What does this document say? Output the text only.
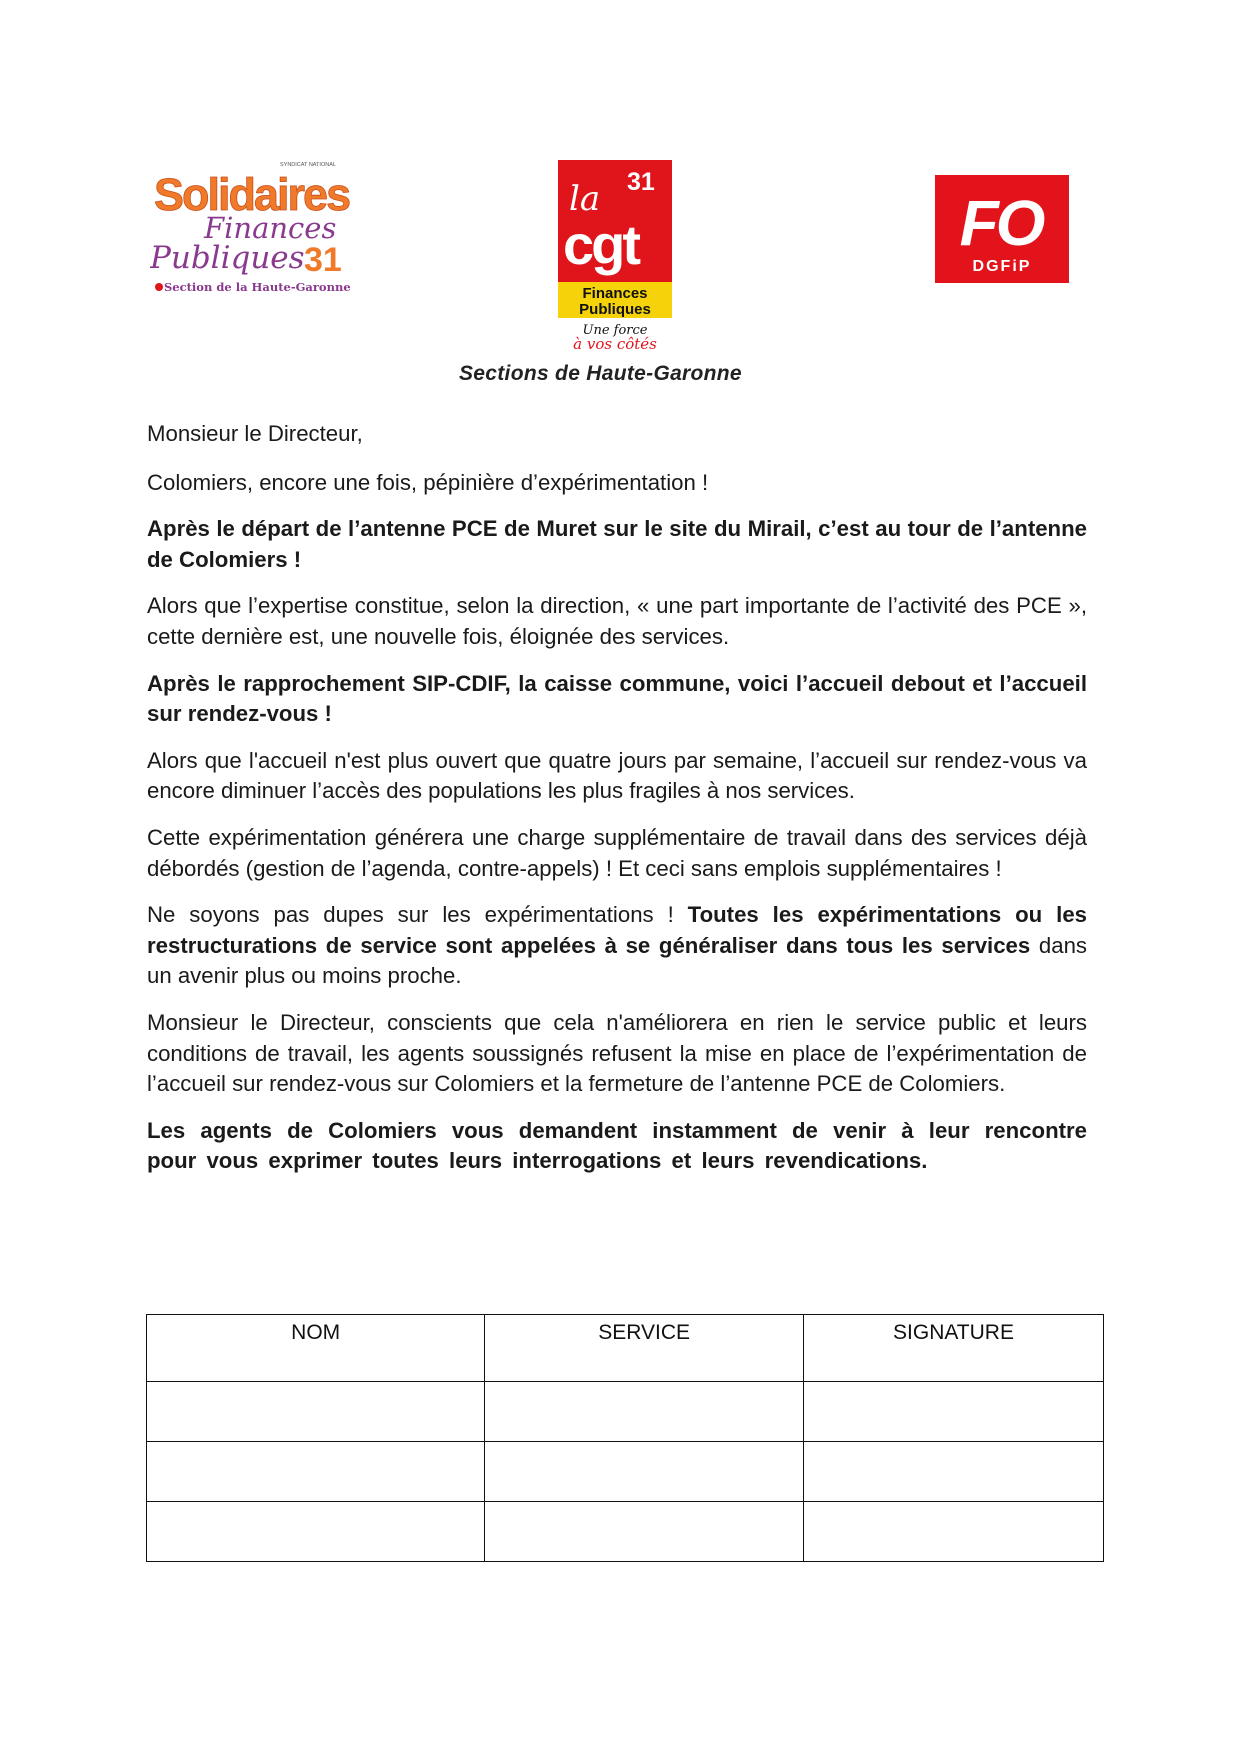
SYNDICAT NATIONAL
Solidaires
Finances
Publiques 31
Section de la Haute-Garonne
31
la
cgt
Finances
Publiques
Une force
à vos côtés
FO
DGFiP
Sections de Haute-Garonne

Monsieur le Directeur,

Colomiers, encore une fois, pépinière d’expérimentation !

Après le départ de l’antenne PCE de Muret sur le site du Mirail, c’est au tour de l’antenne de Colomiers !

Alors que l’expertise constitue, selon la direction, « une part importante de l’activité des PCE », cette dernière est, une nouvelle fois, éloignée des services.

Après le rapprochement SIP-CDIF, la caisse commune, voici l’accueil debout et l’accueil sur rendez-vous !

Alors que l'accueil n'est plus ouvert que quatre jours par semaine, l’accueil sur rendez-vous va encore diminuer l’accès des populations les plus fragiles à nos services.

Cette expérimentation générera une charge supplémentaire de travail dans des services déjà débordés (gestion de l’agenda, contre-appels) ! Et ceci sans emplois supplémentaires !

Ne soyons pas dupes sur les expérimentations ! Toutes les expérimentations ou les restructurations de service sont appelées à se généraliser dans tous les services dans un avenir plus ou moins proche.

Monsieur le Directeur, conscients que cela n'améliorera en rien le service public et leurs conditions de travail, les agents soussignés refusent la mise en place de l’expérimentation de l’accueil sur rendez-vous sur Colomiers et la fermeture de l’antenne PCE de Colomiers.

Les agents de Colomiers vous demandent instamment de venir à leur rencontre pour vous exprimer toutes leurs interrogations et leurs revendications.

NOM	SERVICE	SIGNATURE
